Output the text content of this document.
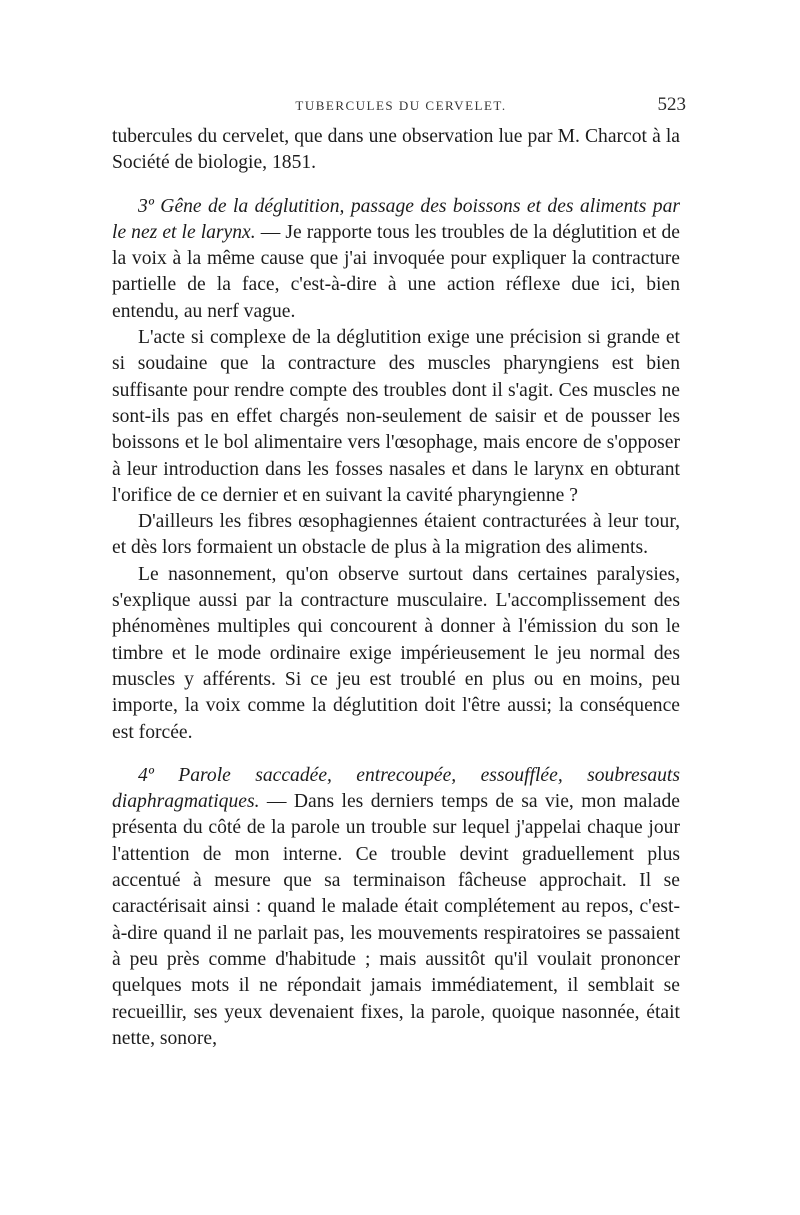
TUBERCULES DU CERVELET.	523

tubercules du cervelet, que dans une observation lue par M. Charcot à la Société de biologie, 1851.

3º Gêne de la déglutition, passage des boissons et des aliments par le nez et le larynx. — Je rapporte tous les troubles de la déglutition et de la voix à la même cause que j'ai invoquée pour expliquer la contracture partielle de la face, c'est-à-dire à une action réflexe due ici, bien entendu, au nerf vague.

L'acte si complexe de la déglutition exige une précision si grande et si soudaine que la contracture des muscles pharyngiens est bien suffisante pour rendre compte des troubles dont il s'agit. Ces muscles ne sont-ils pas en effet chargés non-seulement de saisir et de pousser les boissons et le bol alimentaire vers l'œsophage, mais encore de s'opposer à leur introduction dans les fosses nasales et dans le larynx en obturant l'orifice de ce dernier et en suivant la cavité pharyngienne ?

D'ailleurs les fibres œsophagiennes étaient contracturées à leur tour, et dès lors formaient un obstacle de plus à la migration des aliments.

Le nasonnement, qu'on observe surtout dans certaines paralysies, s'explique aussi par la contracture musculaire. L'accomplissement des phénomènes multiples qui concourent à donner à l'émission du son le timbre et le mode ordinaire exige impérieusement le jeu normal des muscles y afférents. Si ce jeu est troublé en plus ou en moins, peu importe, la voix comme la déglutition doit l'être aussi; la conséquence est forcée.

4º Parole saccadée, entrecoupée, essoufflée, soubresauts diaphragmatiques. — Dans les derniers temps de sa vie, mon malade présenta du côté de la parole un trouble sur lequel j'appelai chaque jour l'attention de mon interne. Ce trouble devint graduellement plus accentué à mesure que sa terminaison fâcheuse approchait. Il se caractérisait ainsi : quand le malade était complétement au repos, c'est-à-dire quand il ne parlait pas, les mouvements respiratoires se passaient à peu près comme d'habitude ; mais aussitôt qu'il voulait prononcer quelques mots il ne répondait jamais immédiatement, il semblait se recueillir, ses yeux devenaient fixes, la parole, quoique nasonnée, était nette, sonore,
